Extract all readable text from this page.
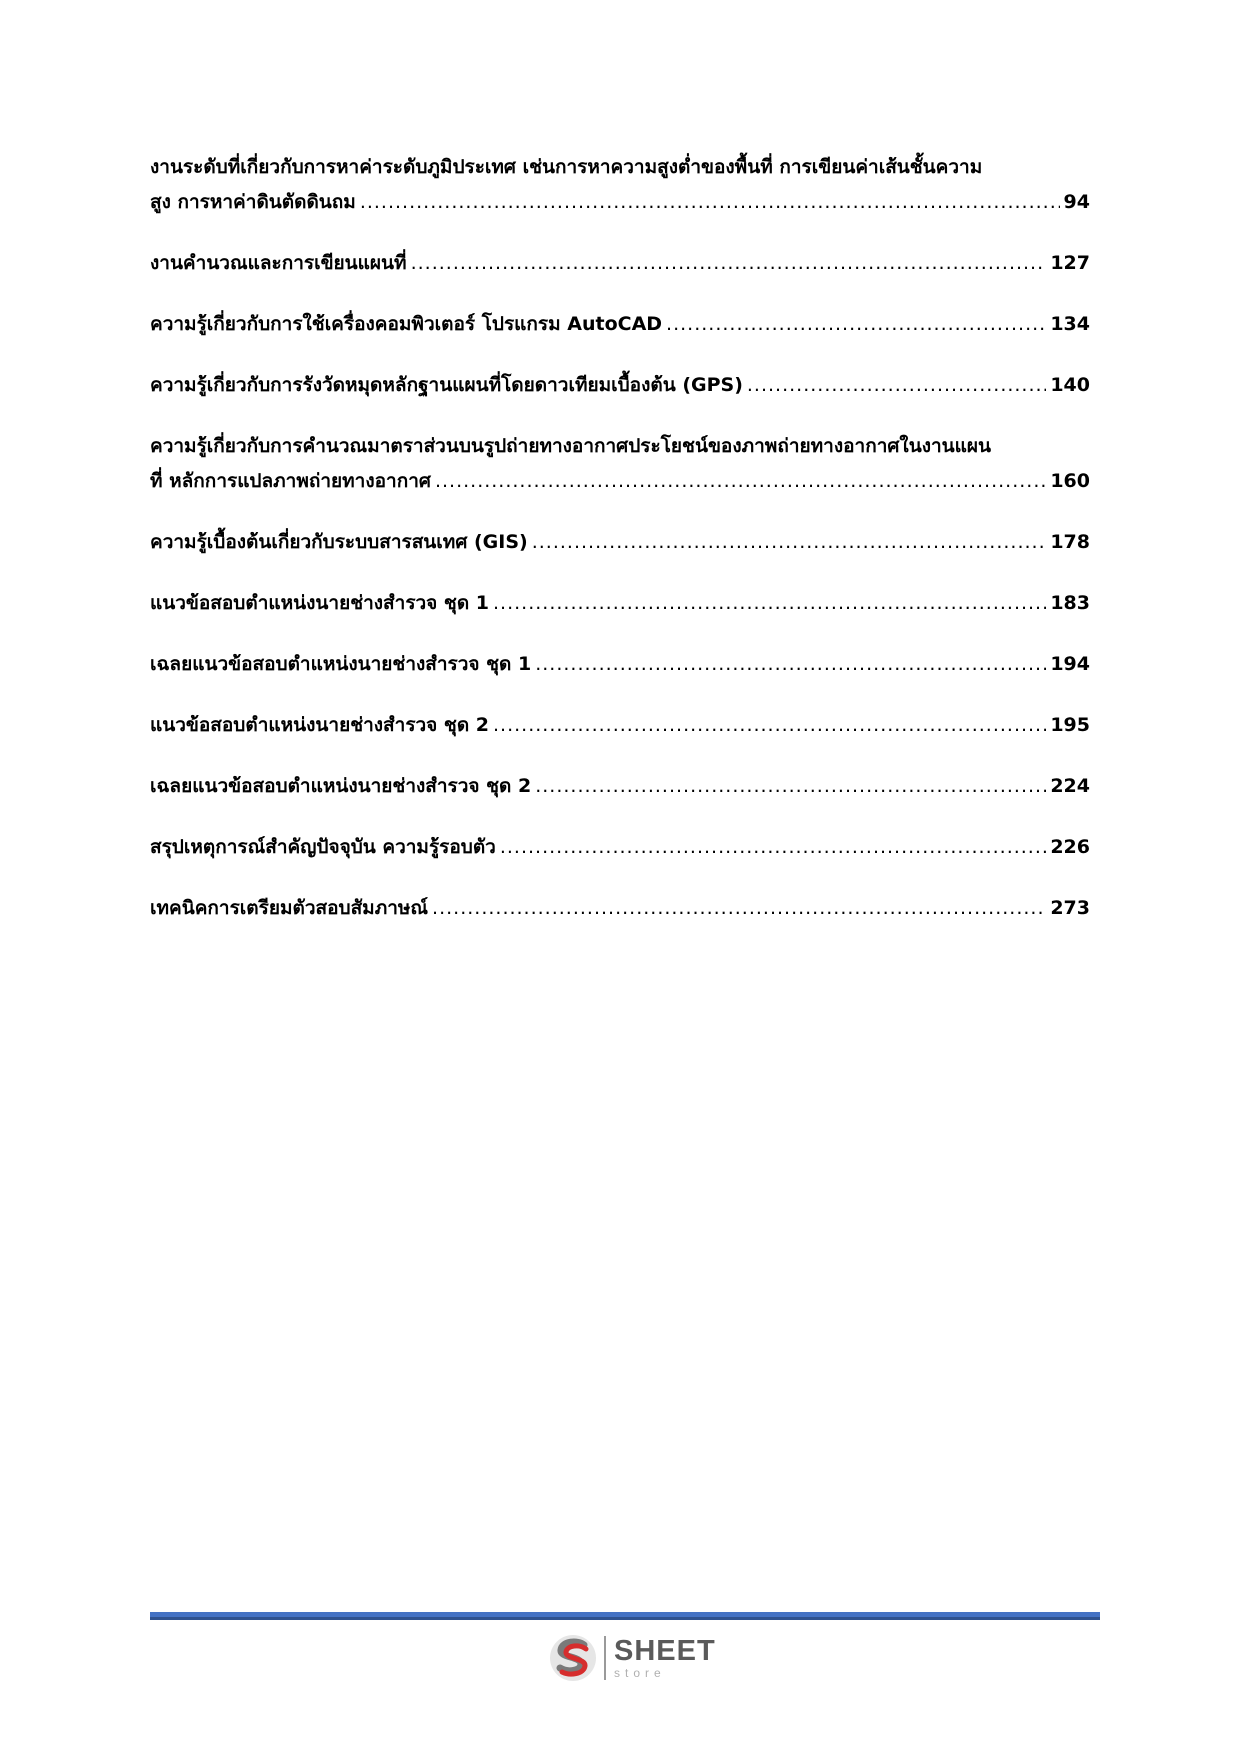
งานระดับที่เกี่ยวกับการหาค่าระดับภูมิประเทศ เช่นการหาความสูงต่ำของพื้นที่ การเขียนค่าเส้นชั้นความ
สูง การหาค่าดินตัดดินถม .....	94
งานคำนวณและการเขียนแผนที่ .....	127
ความรู้เกี่ยวกับการใช้เครื่องคอมพิวเตอร์ โปรแกรม AutoCAD .....	134
ความรู้เกี่ยวกับการรังวัดหมุดหลักฐานแผนที่โดยดาวเทียมเบื้องต้น (GPS) .....	140
ความรู้เกี่ยวกับการคำนวณมาตราส่วนบนรูปถ่ายทางอากาศประโยชน์ของภาพถ่ายทางอากาศในงานแผน
ที่ หลักการแปลภาพถ่ายทางอากาศ .....	160
ความรู้เบื้องต้นเกี่ยวกับระบบสารสนเทศ (GIS) .....	178
แนวข้อสอบตำแหน่งนายช่างสำรวจ ชุด 1 .....	183
เฉลยแนวข้อสอบตำแหน่งนายช่างสำรวจ ชุด 1 .....	194
แนวข้อสอบตำแหน่งนายช่างสำรวจ ชุด 2 .....	195
เฉลยแนวข้อสอบตำแหน่งนายช่างสำรวจ ชุด 2 .....	224
สรุปเหตุการณ์สำคัญปัจจุบัน ความรู้รอบตัว .....	226
เทคนิคการเตรียมตัวสอบสัมภาษณ์ .....	273
SHEET
store
